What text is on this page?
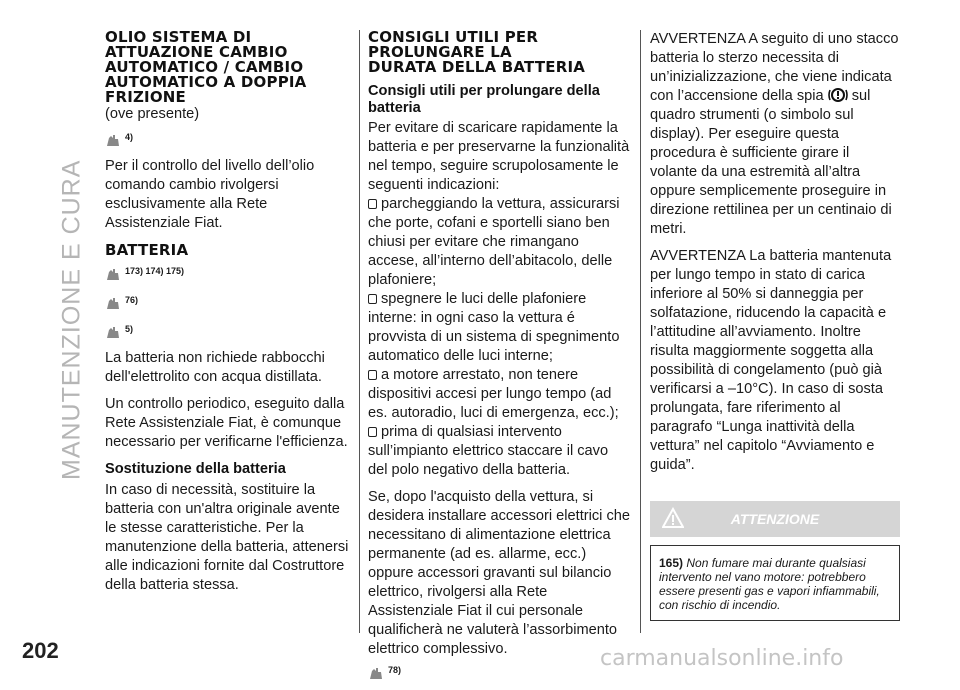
MANUTENZIONE E CURA
202
OLIO SISTEMA DI
ATTUAZIONE CAMBIO
AUTOMATICO / CAMBIO
AUTOMATICO A DOPPIA
FRIZIONE
(ove presente)
4)

Per il controllo del livello dell’olio comando cambio rivolgersi esclusivamente alla Rete Assistenziale Fiat.

BATTERIA
173) 174) 175)
76)
5)

La batteria non richiede rabbocchi dell'elettrolito con acqua distillata.

Un controllo periodico, eseguito dalla Rete Assistenziale Fiat, è comunque necessario per verificarne l'efficienza.

Sostituzione della batteria

In caso di necessità, sostituire la batteria con un'altra originale avente le stesse caratteristiche. Per la manutenzione della batteria, attenersi alle indicazioni fornite dal Costruttore della batteria stessa.

CONSIGLI UTILI PER
PROLUNGARE LA
DURATA DELLA BATTERIA
Consigli utili per prolungare della batteria

Per evitare di scaricare rapidamente la batteria e per preservarne la funzionalità nel tempo, seguire scrupolosamente le seguenti indicazioni:

parcheggiando la vettura, assicurarsi che porte, cofani e sportelli siano ben chiusi per evitare che rimangano accese, all’interno dell’abitacolo, delle plafoniere;
spegnere le luci delle plafoniere interne: in ogni caso la vettura é provvista di un sistema di spegnimento automatico delle luci interne;
a motore arrestato, non tenere dispositivi accesi per lungo tempo (ad es. autoradio, luci di emergenza, ecc.);
prima di qualsiasi intervento sull’impianto elettrico staccare il cavo del polo negativo della batteria.

Se, dopo l'acquisto della vettura, si desidera installare accessori elettrici che necessitano di alimentazione elettrica permanente (ad es. allarme, ecc.) oppure accessori gravanti sul bilancio elettrico, rivolgersi alla Rete Assistenziale Fiat il cui personale qualificherà ne valuterà l’assorbimento elettrico complessivo.

78)

AVVERTENZA A seguito di uno stacco batteria lo sterzo necessita di un’inizializzazione, che viene indicata con l’accensione della spia sul quadro strumenti (o simbolo sul display). Per eseguire questa procedura è sufficiente girare il volante da una estremità all’altra oppure semplicemente proseguire in direzione rettilinea per un centinaio di metri.

AVVERTENZA La batteria mantenuta per lungo tempo in stato di carica inferiore al 50% si danneggia per solfatazione, riducendo la capacità e l’attitudine all’avviamento. Inoltre risulta maggiormente soggetta alla possibilità di congelamento (può già verificarsi a –10°C). In caso di sosta prolungata, fare riferimento al paragrafo “Lunga inattività della vettura” nel capitolo “Avviamento e guida”.

ATTENZIONE
165) Non fumare mai durante qualsiasi intervento nel vano motore: potrebbero essere presenti gas e vapori infiammabili, con rischio di incendio.
carmanualsonline.info
